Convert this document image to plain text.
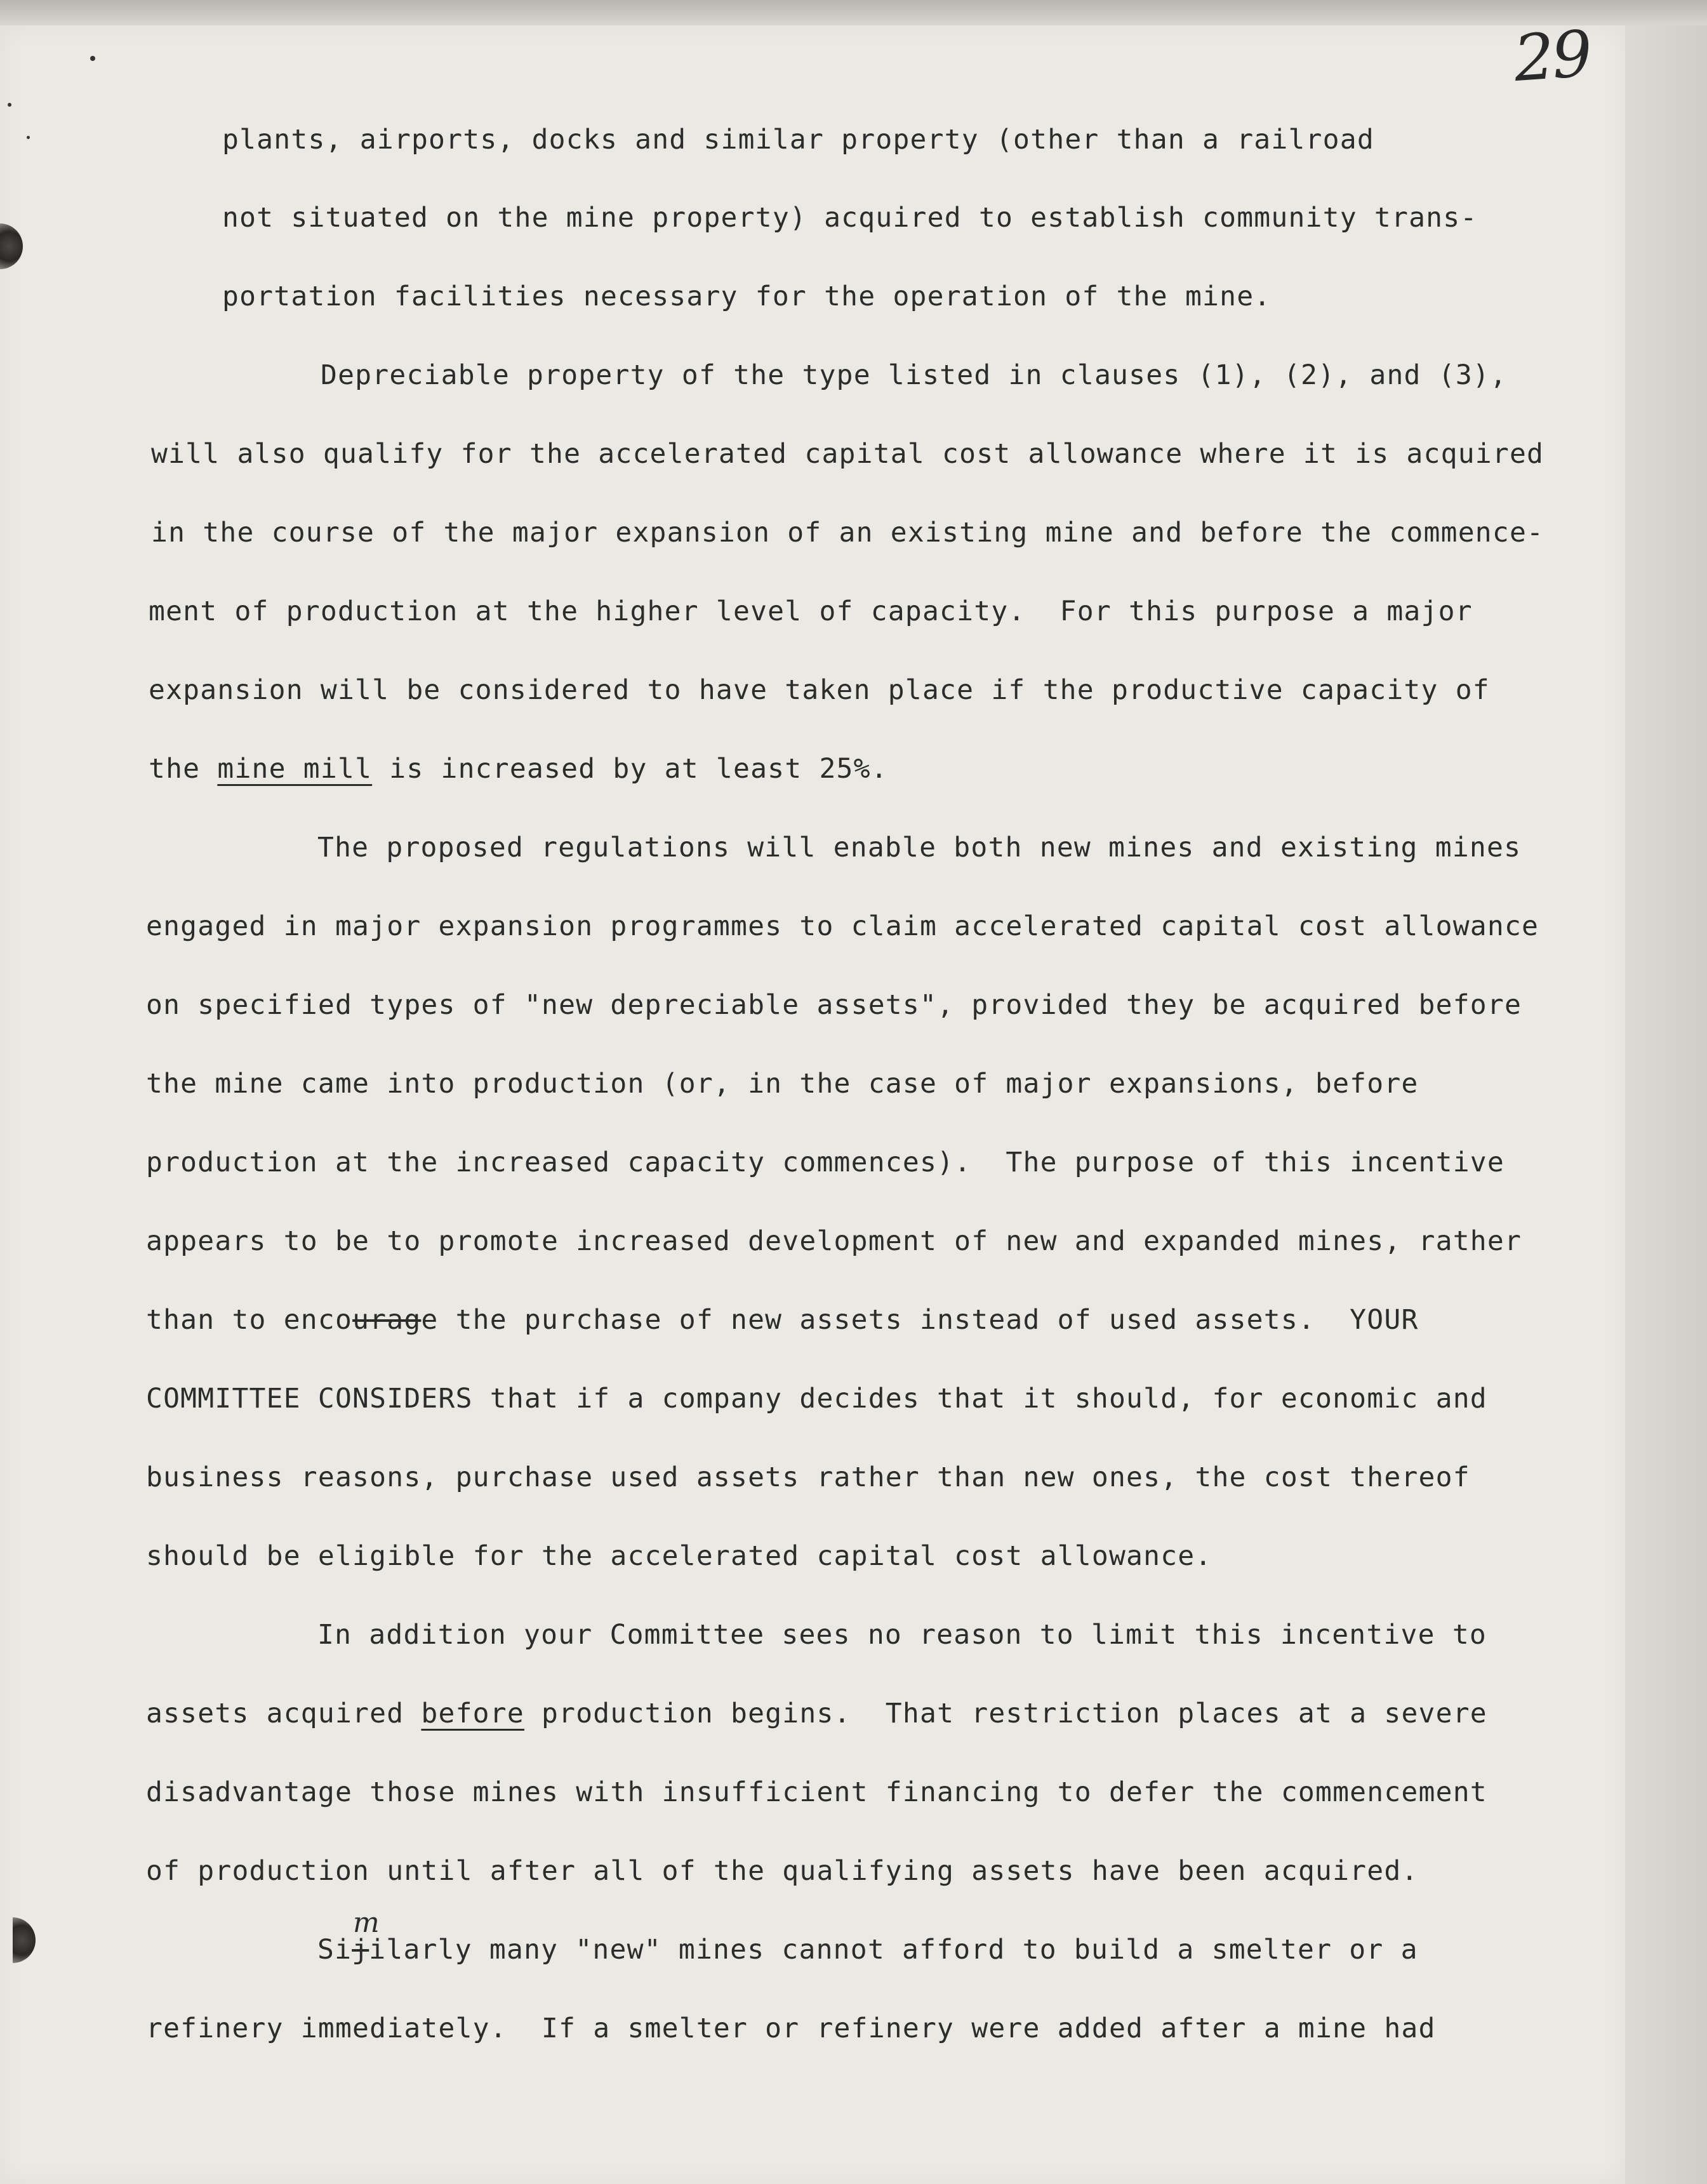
29
plants, airports, docks and similar property (other than a railroad
not situated on the mine property) acquired to establish community trans-
portation facilities necessary for the operation of the mine.
Depreciable property of the type listed in clauses (1), (2), and (3),
will also qualify for the accelerated capital cost allowance where it is acquired
in the course of the major expansion of an existing mine and before the commence-
ment of production at the higher level of capacity.  For this purpose a major
expansion will be considered to have taken place if the productive capacity of
the mine mill is increased by at least 25%.
The proposed regulations will enable both new mines and existing mines
engaged in major expansion programmes to claim accelerated capital cost allowance
on specified types of "new depreciable assets", provided they be acquired before
the mine came into production (or, in the case of major expansions, before
production at the increased capacity commences).  The purpose of this incentive
appears to be to promote increased development of new and expanded mines, rather
than to encourage the purchase of new assets instead of used assets.  YOUR
COMMITTEE CONSIDERS that if a company decides that it should, for economic and
business reasons, purchase used assets rather than new ones, the cost thereof
should be eligible for the accelerated capital cost allowance.
In addition your Committee sees no reason to limit this incentive to
assets acquired before production begins.  That restriction places at a severe
disadvantage those mines with insufficient financing to defer the commencement
of production until after all of the qualifying assets have been acquired.
Sijilarly many "new" mines cannot afford to build a smelter or a
refinery immediately.  If a smelter or refinery were added after a mine had
m
